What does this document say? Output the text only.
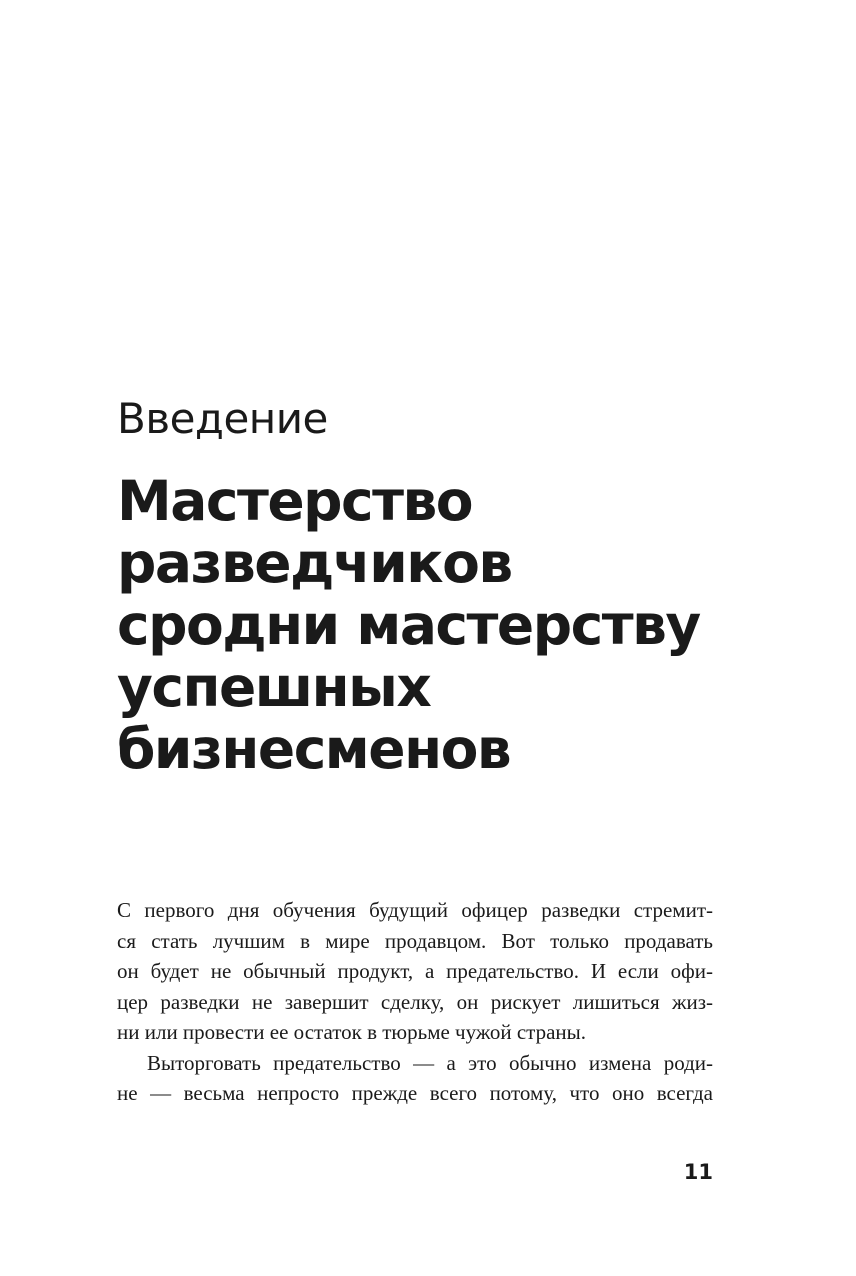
Введение
Мастерство
разведчиков
сродни мастерству
успешных
бизнесменов
С первого дня обучения будущий офицер разведки стремит-
ся стать лучшим в мире продавцом. Вот только продавать
он будет не обычный продукт, а предательство. И если офи-
цер разведки не завершит сделку, он рискует лишиться жиз-
ни или провести ее остаток в тюрьме чужой страны.
Выторговать предательство — а это обычно измена роди-
не — весьма непросто прежде всего потому, что оно всегда
11
